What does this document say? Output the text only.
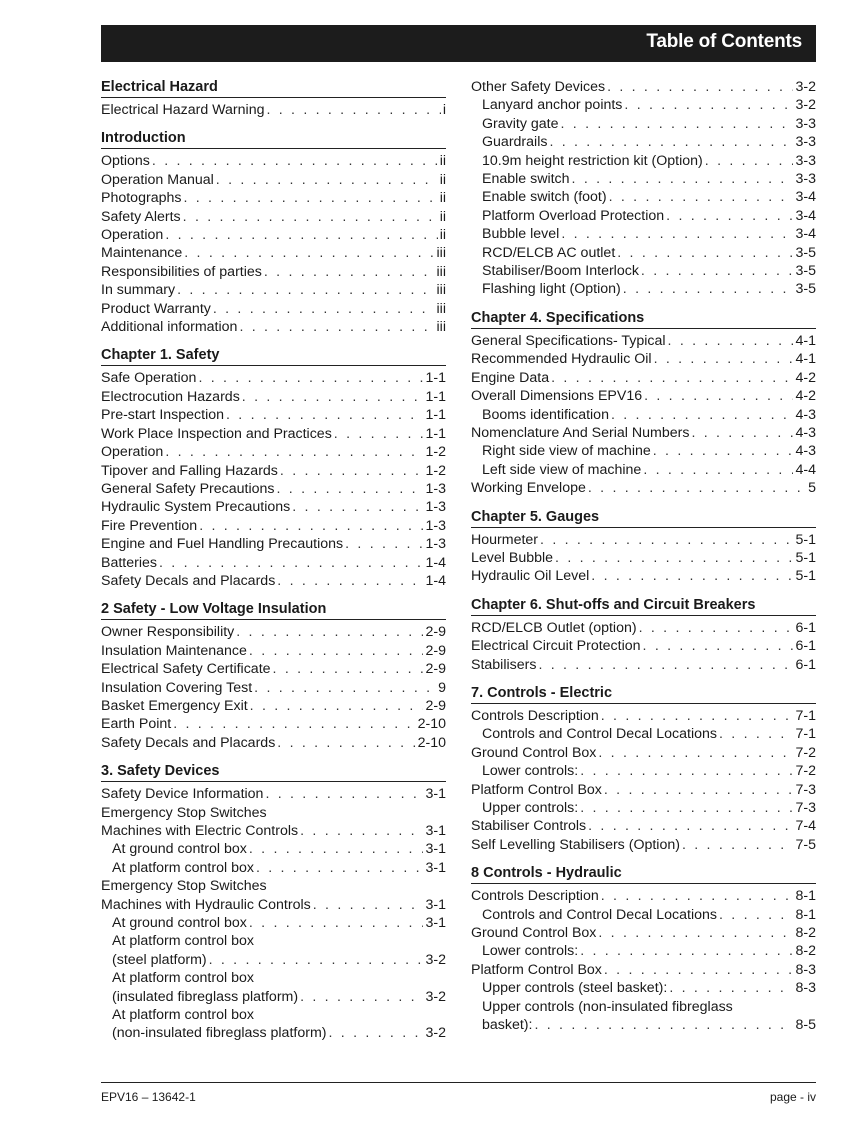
Table of Contents
Electrical Hazard
Electrical Hazard Warning . . .	i
Introduction
Options . . .	ii
Operation Manual . . .	ii
Photographs . . .	ii
Safety Alerts . . .	ii
Operation . . .	ii
Maintenance . . .	iii
Responsibilities of parties . . .	iii
In summary . . .	iii
Product Warranty . . .	iii
Additional information . . .	iii
Chapter 1. Safety
Safe Operation . . .	1-1
Electrocution Hazards . . .	1-1
Pre-start Inspection . . .	1-1
Work Place Inspection and Practices . . .	1-1
Operation . . .	1-2
Tipover and Falling Hazards . . .	1-2
General Safety Precautions . . .	1-3
Hydraulic System Precautions . . .	1-3
Fire Prevention . . .	1-3
Engine and Fuel Handling Precautions . . .	1-3
Batteries . . .	1-4
Safety Decals and Placards . . .	1-4
2 Safety - Low Voltage Insulation
Owner Responsibility . . .	2-9
Insulation Maintenance . . .	2-9
Electrical Safety Certificate . . .	2-9
Insulation Covering Test . . .	9
Basket Emergency Exit . . .	2-9
Earth Point . . .	2-10
Safety Decals and Placards . . .	2-10
3. Safety Devices
Safety Device Information . . .	3-1
Emergency Stop Switches
Machines with Electric Controls . . .	3-1
At ground control box . . .	3-1
At platform control box . . .	3-1
Emergency Stop Switches
Machines with Hydraulic Controls . . .	3-1
At ground control box . . .	3-1
At platform control box
(steel platform) . . .	3-2
At platform control box
(insulated fibreglass platform) . . .	3-2
At platform control box
(non-insulated fibreglass platform) . . .	3-2
Other Safety Devices . . .	3-2
Lanyard anchor points . . .	3-2
Gravity gate . . .	3-3
Guardrails . . .	3-3
10.9m height restriction kit (Option) . . .	3-3
Enable switch . . .	3-3
Enable switch (foot) . . .	3-4
Platform Overload Protection . . .	3-4
Bubble level . . .	3-4
RCD/ELCB AC outlet . . .	3-5
Stabiliser/Boom Interlock . . .	3-5
Flashing light (Option) . . .	3-5
Chapter 4. Specifications
General Specifications- Typical . . .	4-1
Recommended Hydraulic Oil . . .	4-1
Engine Data . . .	4-2
Overall Dimensions EPV16 . . .	4-2
Booms identification . . .	4-3
Nomenclature And Serial Numbers . . .	4-3
Right side view of machine . . .	4-3
Left side view of machine . . .	4-4
Working Envelope . . .	5
Chapter 5. Gauges
Hourmeter . . .	5-1
Level Bubble . . .	5-1
Hydraulic Oil Level . . .	5-1
Chapter 6. Shut-offs and Circuit Breakers
RCD/ELCB Outlet (option) . . .	6-1
Electrical Circuit Protection . . .	6-1
Stabilisers . . .	6-1
7. Controls - Electric
Controls Description . . .	7-1
Controls and Control Decal Locations . . .	7-1
Ground Control Box . . .	7-2
Lower controls: . . .	7-2
Platform Control Box . . .	7-3
Upper controls: . . .	7-3
Stabiliser Controls . . .	7-4
Self Levelling Stabilisers (Option) . . .	7-5
8 Controls - Hydraulic
Controls Description . . .	8-1
Controls and Control Decal Locations . . .	8-1
Ground Control Box . . .	8-2
Lower controls: . . .	8-2
Platform Control Box . . .	8-3
Upper controls (steel basket): . . .	8-3
Upper controls (non-insulated fibreglass
basket): . . .	8-5
EPV16 – 13642-1	page - iv
